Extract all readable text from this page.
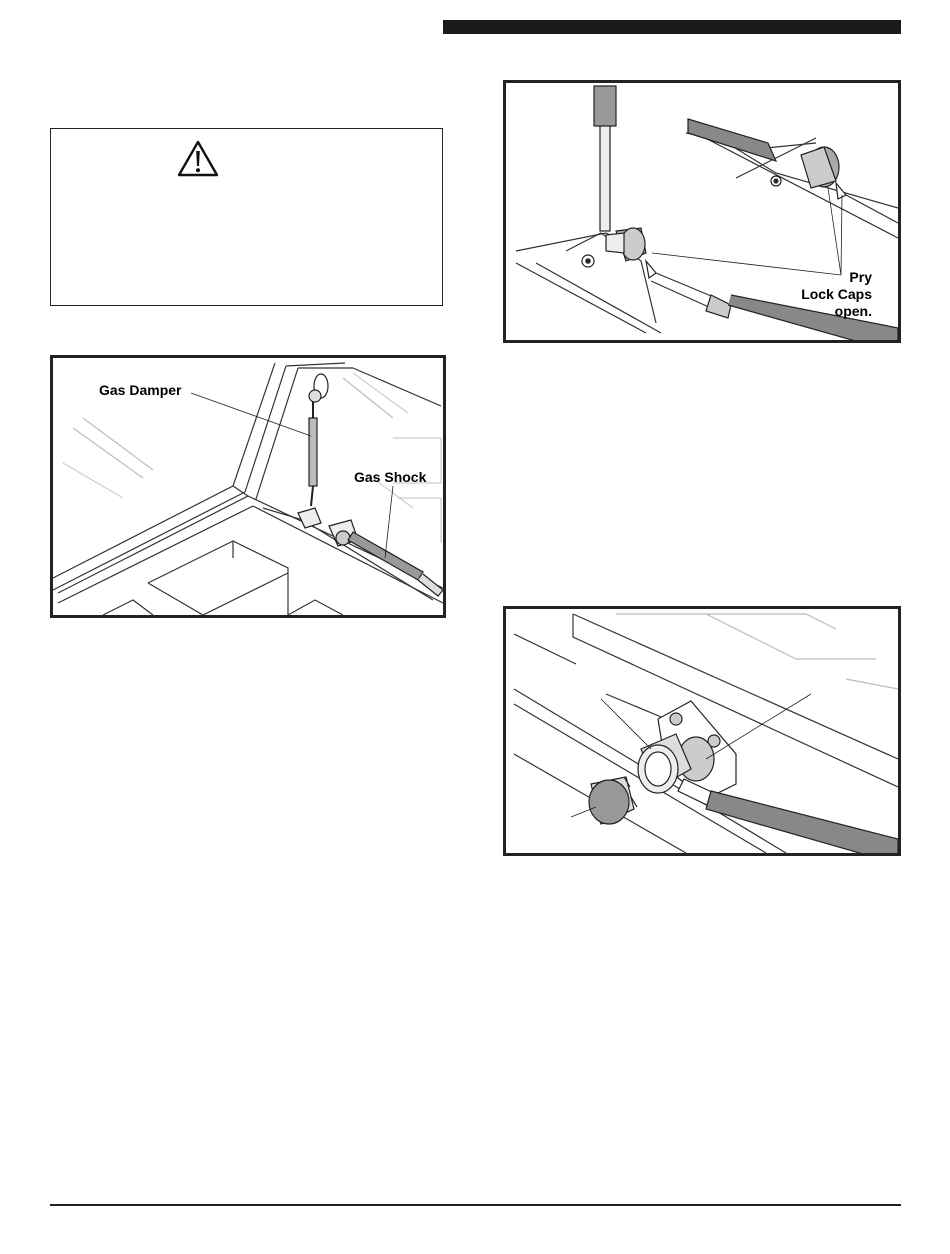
Gas Damper
Gas Shock
Pry
Lock Caps
open.
